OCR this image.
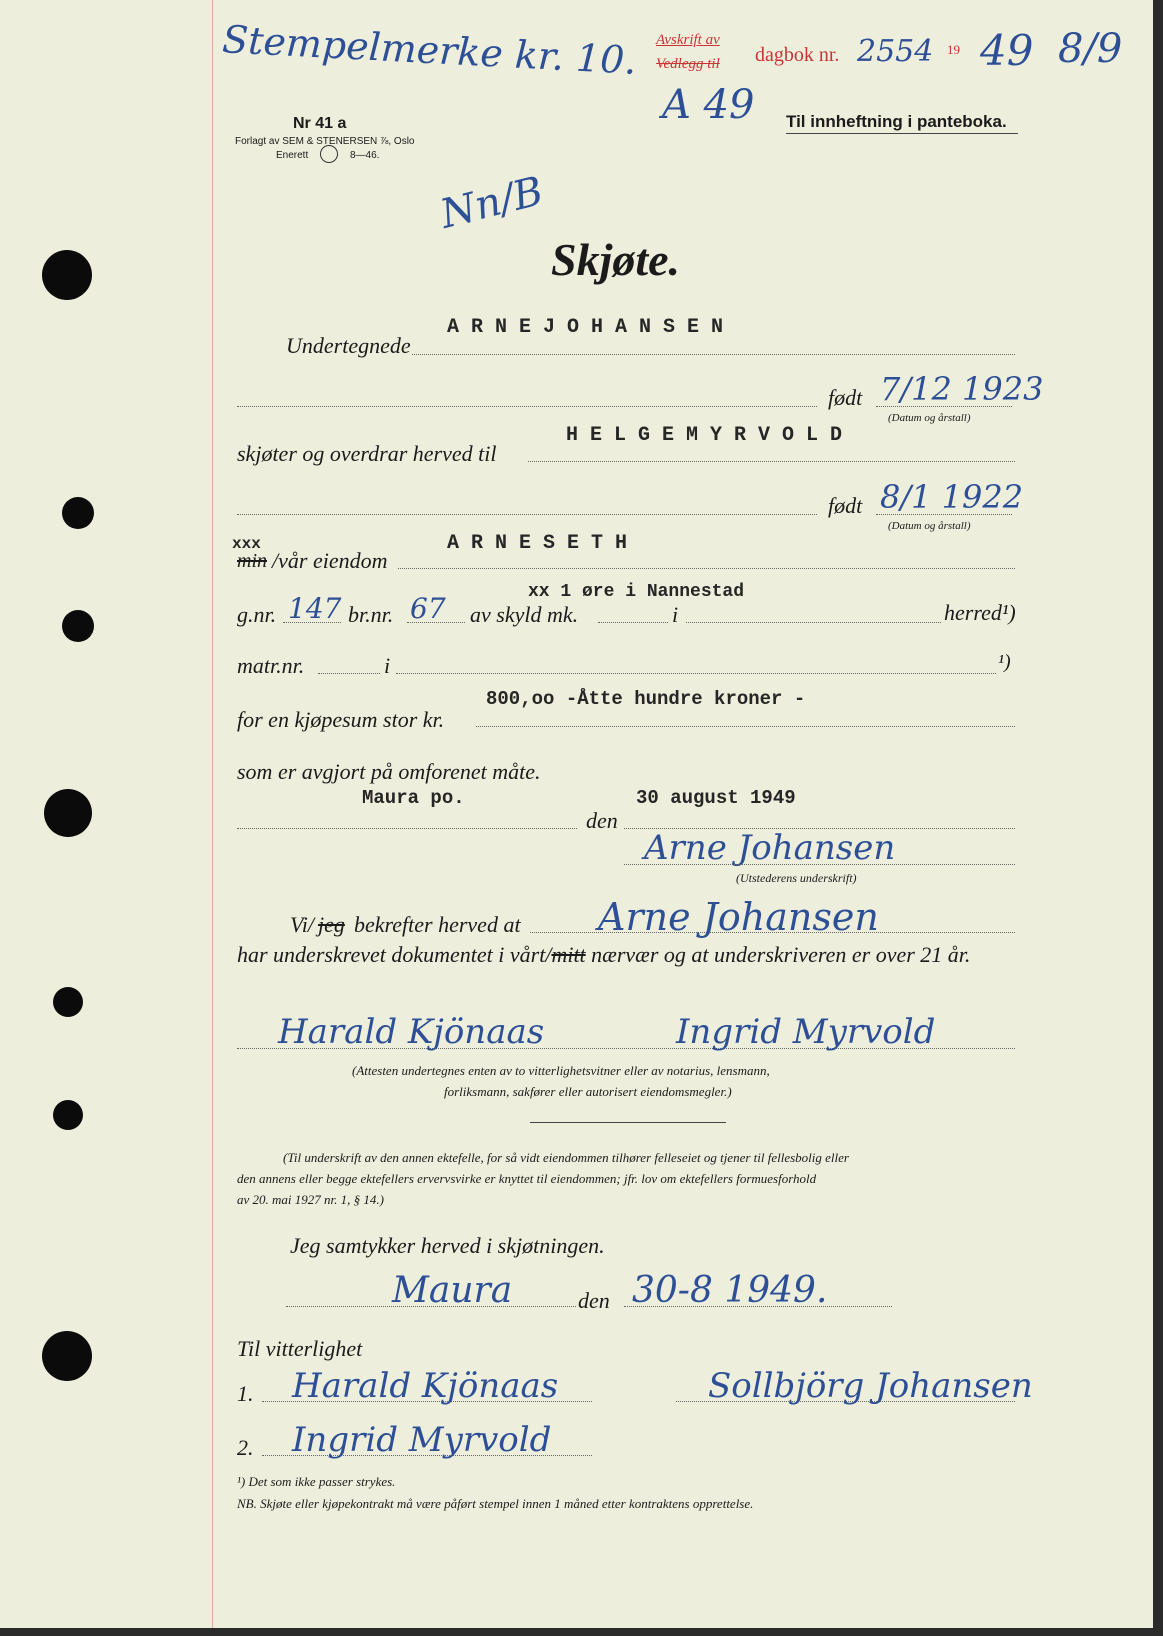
Stempelmerke kr. 10. Avskrift av
Vedlegg til dagbok nr. 2554 19 49 8/9
A 49 Til innheftning i panteboka.
Nr 41 a
Forlagt av SEM & STENERSEN ⅞, Oslo
Enerett	8—46.
Nn/B
Skjøte.
Undertegnede
A R N E J O H A N S E N
født 7/12 1923
(Datum og årstall)
skjøter og overdrar herved til
H E L G E M Y R V O L D
født 8/1 1922
(Datum og årstall)
xxx
min /vår eiendom
A R N E S E T H
g.nr. 147 br.nr. 67 av skyld mk.
xx 1 øre i Nannestad
i	herred¹)
matr.nr.	i	¹)
for en kjøpesum stor kr.
800,oo -Åtte hundre kroner -
som er avgjort på omforenet måte.
Maura po.
den
30 august 1949
Arne Johansen
(Utstederens underskrift)
Vi/ jeg bekrefter herved at Arne Johansen
har underskrevet dokumentet i vårt/mitt nærvær og at underskriveren er over 21 år.
Harald Kjönaas	Ingrid Myrvold
(Attesten undertegnes enten av to vitterlighetsvitner eller av notarius, lensmann,
forliksmann, sakfører eller autorisert eiendomsmegler.)
(Til underskrift av den annen ektefelle, for så vidt eiendommen tilhører felleseiet og tjener til fellesbolig eller
den annens eller begge ektefellers ervervsvirke er knyttet til eiendommen; jfr. lov om ektefellers formuesforhold
av 20. mai 1927 nr. 1, § 14.)
Jeg samtykker herved i skjøtningen.
Maura	den 30-8 1949.
Til vitterlighet
1. Harald Kjönaas	Sollbjörg Johansen
2. Ingrid Myrvold
¹) Det som ikke passer strykes.
NB. Skjøte eller kjøpekontrakt må være påført stempel innen 1 måned etter kontraktens opprettelse.
